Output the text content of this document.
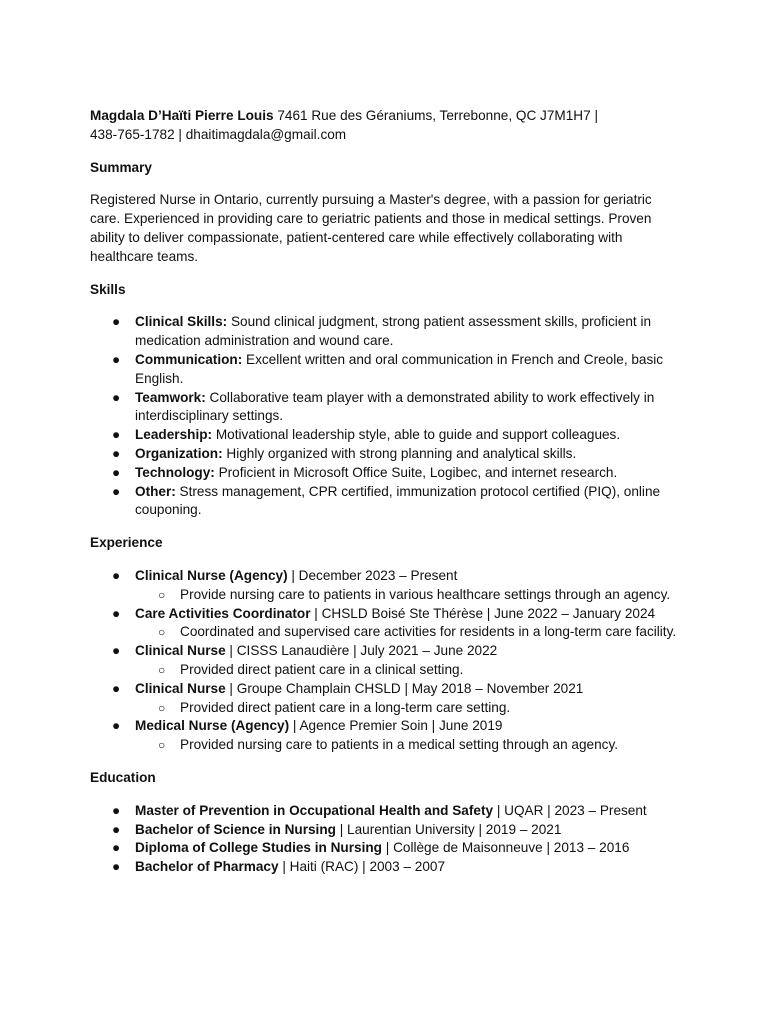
Magdala D’Haïti Pierre Louis 7461 Rue des Géraniums, Terrebonne, QC J7M1H7 |

438-765-1782 | dhaitimagdala@gmail.com

Summary

Registered Nurse in Ontario, currently pursuing a Master's degree, with a passion for geriatric care. Experienced in providing care to geriatric patients and those in medical settings. Proven ability to deliver compassionate, patient-centered care while effectively collaborating with healthcare teams.

Skills
● Clinical Skills: Sound clinical judgment, strong patient assessment skills, proficient in medication administration and wound care.
● Communication: Excellent written and oral communication in French and Creole, basic English.
● Teamwork: Collaborative team player with a demonstrated ability to work effectively in interdisciplinary settings.
● Leadership: Motivational leadership style, able to guide and support colleagues.
● Organization: Highly organized with strong planning and analytical skills.
● Technology: Proficient in Microsoft Office Suite, Logibec, and internet research.
● Other: Stress management, CPR certified, immunization protocol certified (PIQ), online couponing.
Experience
● Clinical Nurse (Agency) | December 2023 – Present
○ Provide nursing care to patients in various healthcare settings through an agency.
● Care Activities Coordinator | CHSLD Boisé Ste Thérèse | June 2022 – January 2024
○ Coordinated and supervised care activities for residents in a long-term care facility.
● Clinical Nurse | CISSS Lanaudière | July 2021 – June 2022
○ Provided direct patient care in a clinical setting.
● Clinical Nurse | Groupe Champlain CHSLD | May 2018 – November 2021
○ Provided direct patient care in a long-term care setting.
● Medical Nurse (Agency) | Agence Premier Soin | June 2019
○ Provided nursing care to patients in a medical setting through an agency.
Education
● Master of Prevention in Occupational Health and Safety | UQAR | 2023 – Present
● Bachelor of Science in Nursing | Laurentian University | 2019 – 2021
● Diploma of College Studies in Nursing | Collège de Maisonneuve | 2013 – 2016
● Bachelor of Pharmacy | Haiti (RAC) | 2003 – 2007
